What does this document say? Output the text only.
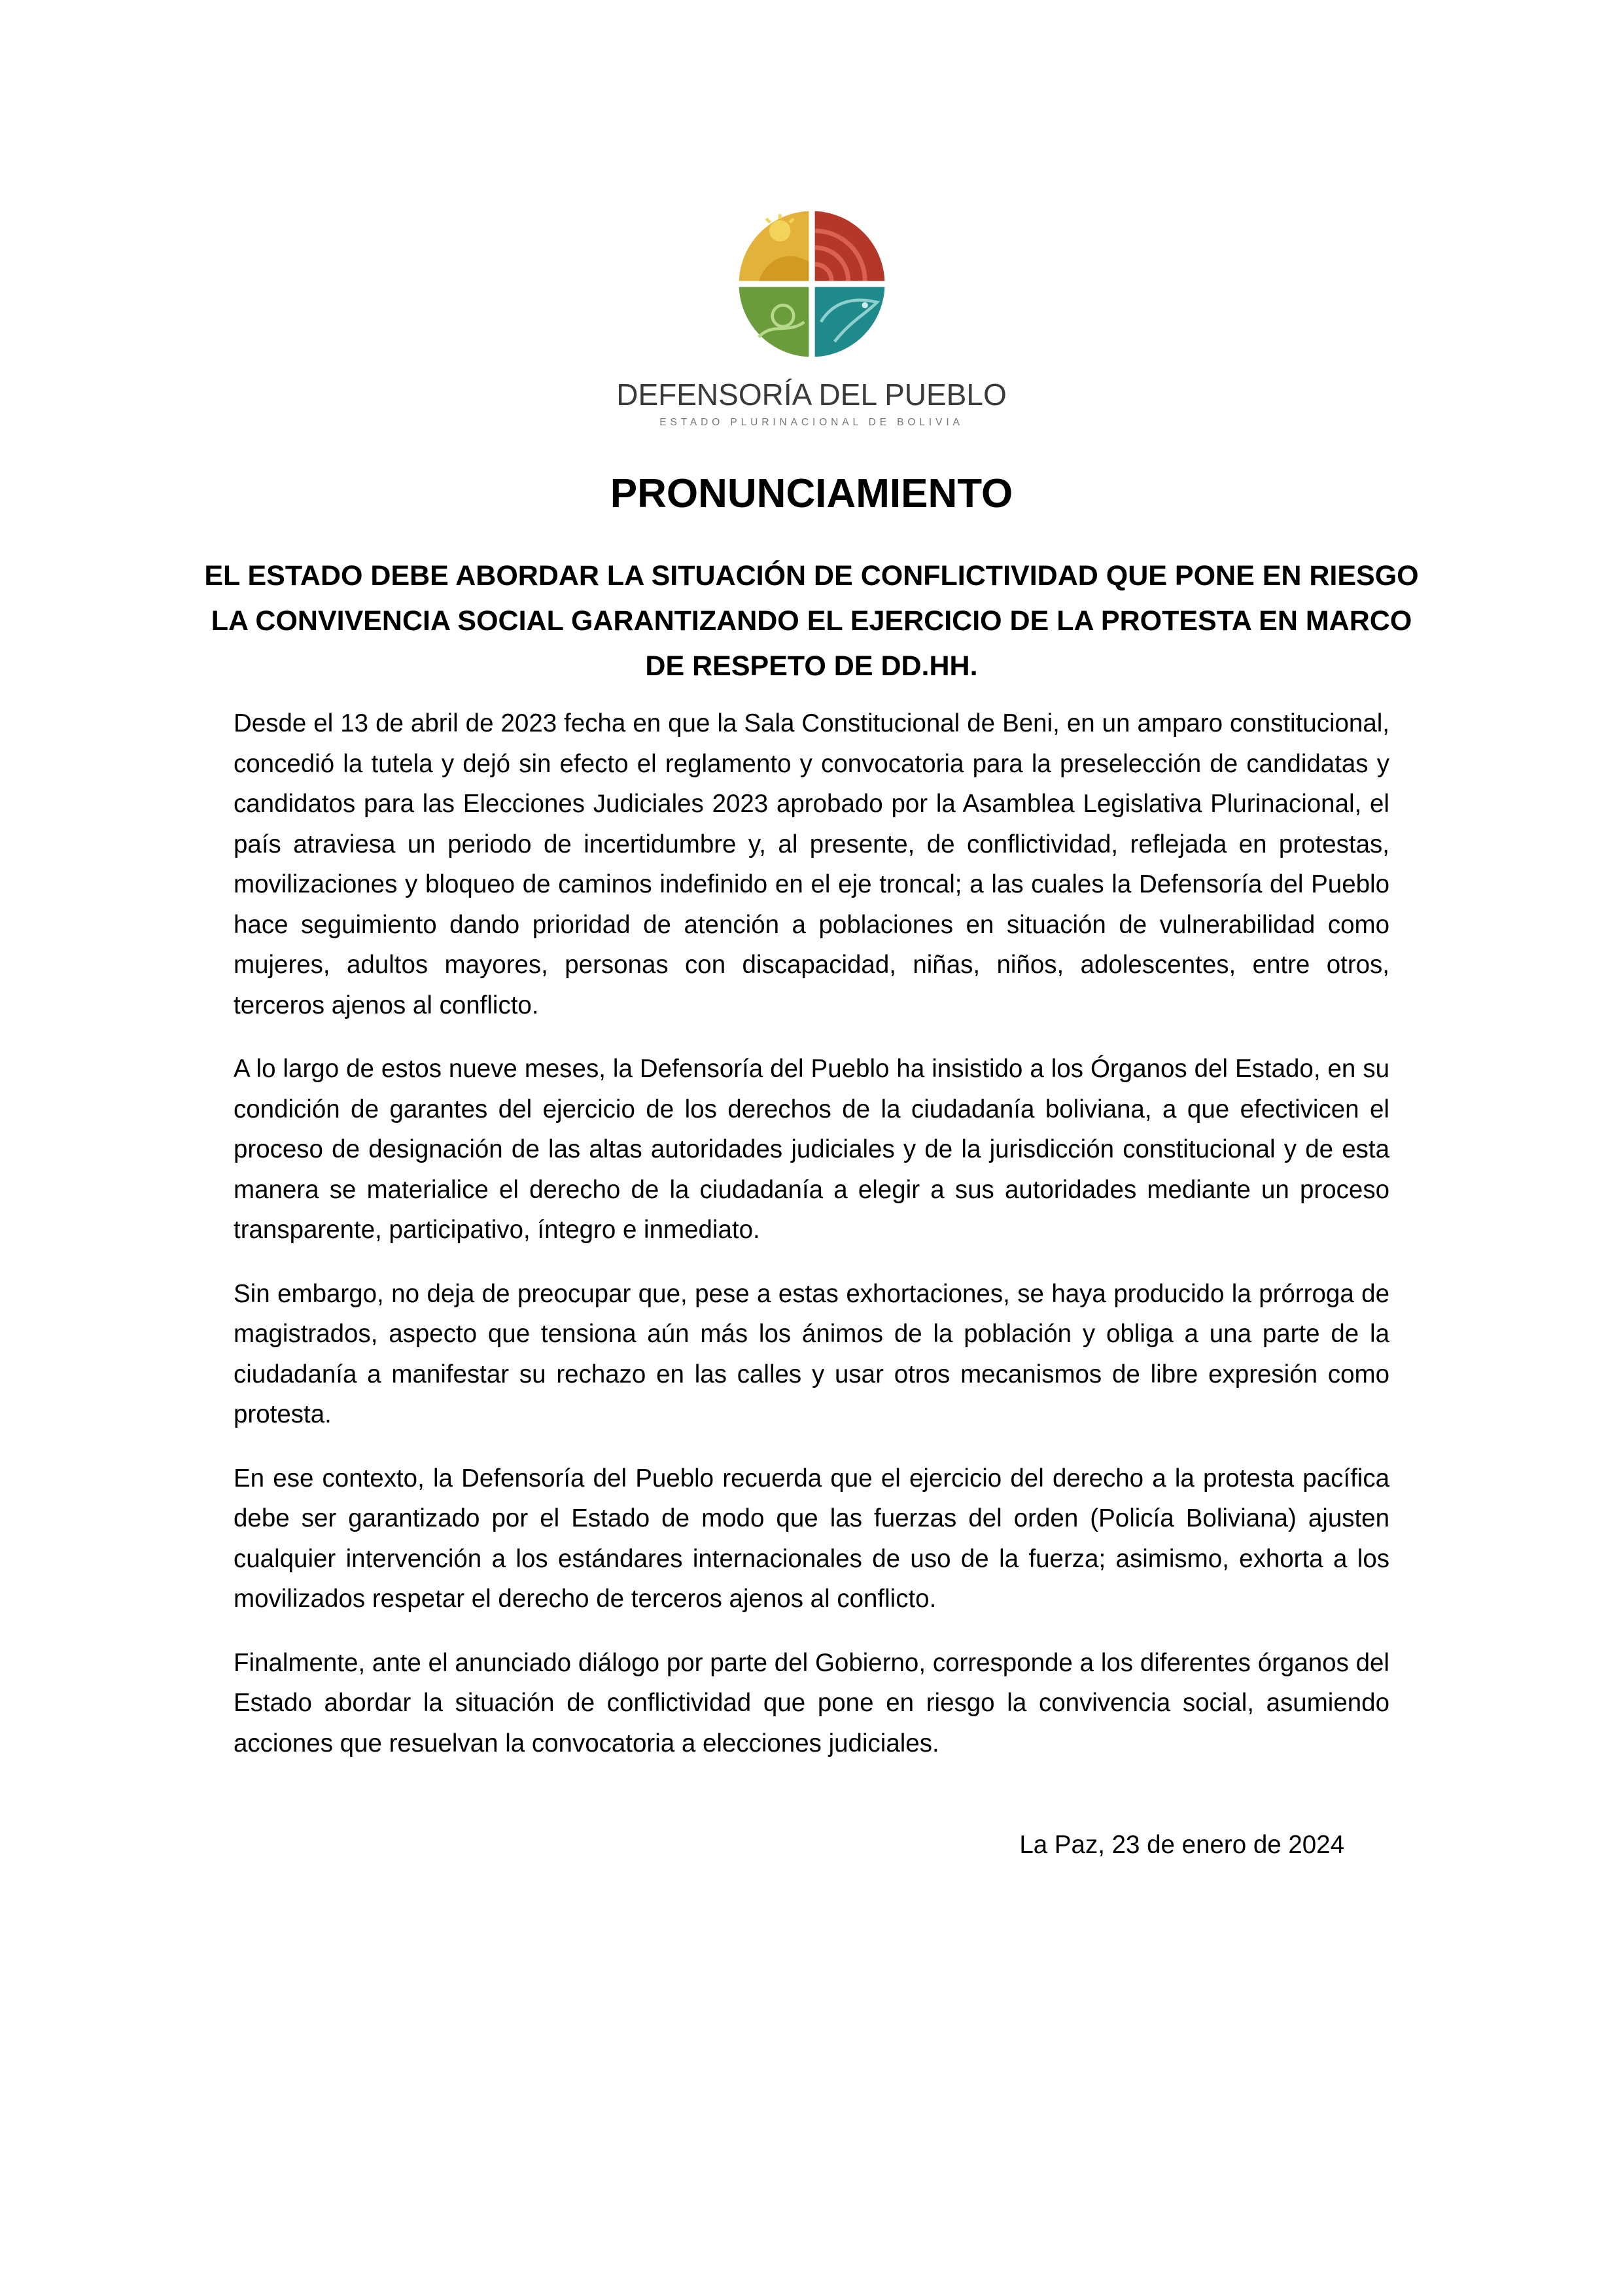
DEFENSORÍA DEL PUEBLO
ESTADO PLURINACIONAL DE BOLIVIA
PRONUNCIAMIENTO
EL ESTADO DEBE ABORDAR LA SITUACIÓN DE CONFLICTIVIDAD QUE PONE EN RIESGO LA CONVIVENCIA SOCIAL GARANTIZANDO EL EJERCICIO DE LA PROTESTA EN MARCO DE RESPETO DE DD.HH.

Desde el 13 de abril de 2023 fecha en que la Sala Constitucional de Beni, en un amparo constitucional, concedió la tutela y dejó sin efecto el reglamento y convocatoria para la preselección de candidatas y candidatos para las Elecciones Judiciales 2023 aprobado por la Asamblea Legislativa Plurinacional, el país atraviesa un periodo de incertidumbre y, al presente, de conflictividad, reflejada en protestas, movilizaciones y bloqueo de caminos indefinido en el eje troncal; a las cuales la Defensoría del Pueblo hace seguimiento dando prioridad de atención a poblaciones en situación de vulnerabilidad como mujeres, adultos mayores, personas con discapacidad, niñas, niños, adolescentes, entre otros, terceros ajenos al conflicto.

A lo largo de estos nueve meses, la Defensoría del Pueblo ha insistido a los Órganos del Estado, en su condición de garantes del ejercicio de los derechos de la ciudadanía boliviana, a que efectivicen el proceso de designación de las altas autoridades judiciales y de la jurisdicción constitucional y de esta manera se materialice el derecho de la ciudadanía a elegir a sus autoridades mediante un proceso transparente, participativo, íntegro e inmediato.

Sin embargo, no deja de preocupar que, pese a estas exhortaciones, se haya producido la prórroga de magistrados, aspecto que tensiona aún más los ánimos de la población y obliga a una parte de la ciudadanía a manifestar su rechazo en las calles y usar otros mecanismos de libre expresión como protesta.

En ese contexto, la Defensoría del Pueblo recuerda que el ejercicio del derecho a la protesta pacífica debe ser garantizado por el Estado de modo que las fuerzas del orden (Policía Boliviana) ajusten cualquier intervención a los estándares internacionales de uso de la fuerza; asimismo, exhorta a los movilizados respetar el derecho de terceros ajenos al conflicto.

Finalmente, ante el anunciado diálogo por parte del Gobierno, corresponde a los diferentes órganos del Estado abordar la situación de conflictividad que pone en riesgo la convivencia social, asumiendo acciones que resuelvan la convocatoria a elecciones judiciales.

La Paz, 23 de enero de 2024
